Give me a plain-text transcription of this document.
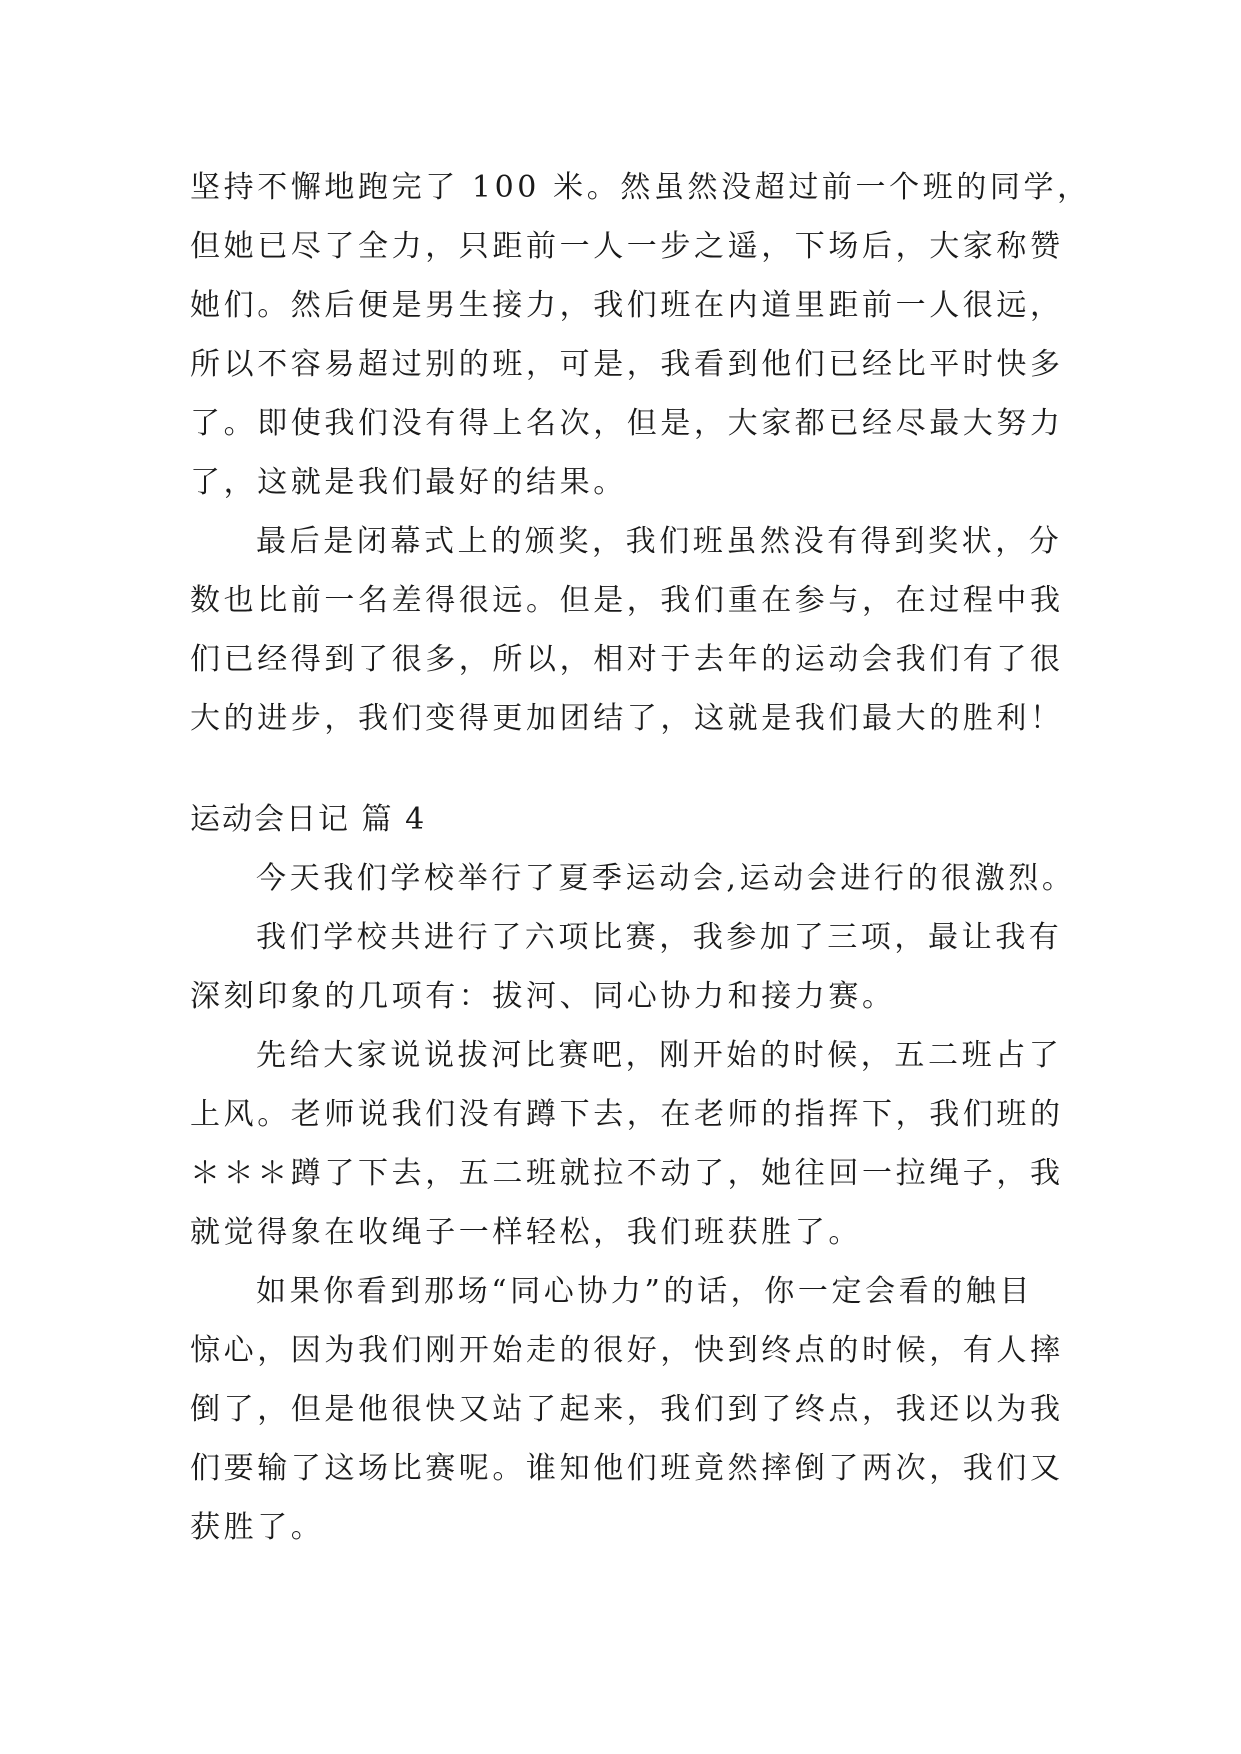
坚持不懈地跑完了 100 米。然虽然没超过前一个班的同学，
但她已尽了全力，只距前一人一步之遥，下场后，大家称赞
她们。然后便是男生接力，我们班在内道里距前一人很远，
所以不容易超过别的班，可是，我看到他们已经比平时快多
了。即使我们没有得上名次，但是，大家都已经尽最大努力
了，这就是我们最好的结果。
最后是闭幕式上的颁奖，我们班虽然没有得到奖状，分
数也比前一名差得很远。但是，我们重在参与，在过程中我
们已经得到了很多，所以，相对于去年的运动会我们有了很
大的进步，我们变得更加团结了，这就是我们最大的胜利！
运动会日记 篇 4
今天我们学校举行了夏季运动会,运动会进行的很激烈。
我们学校共进行了六项比赛，我参加了三项，最让我有
深刻印象的几项有：拔河、同心协力和接力赛。
先给大家说说拔河比赛吧，刚开始的时候，五二班占了
上风。老师说我们没有蹲下去，在老师的指挥下，我们班的
＊＊＊蹲了下去，五二班就拉不动了，她往回一拉绳子，我
就觉得象在收绳子一样轻松，我们班获胜了。
如果你看到那场“同心协力”的话，你一定会看的触目
惊心，因为我们刚开始走的很好，快到终点的时候，有人摔
倒了，但是他很快又站了起来，我们到了终点，我还以为我
们要输了这场比赛呢。谁知他们班竟然摔倒了两次，我们又
获胜了。
